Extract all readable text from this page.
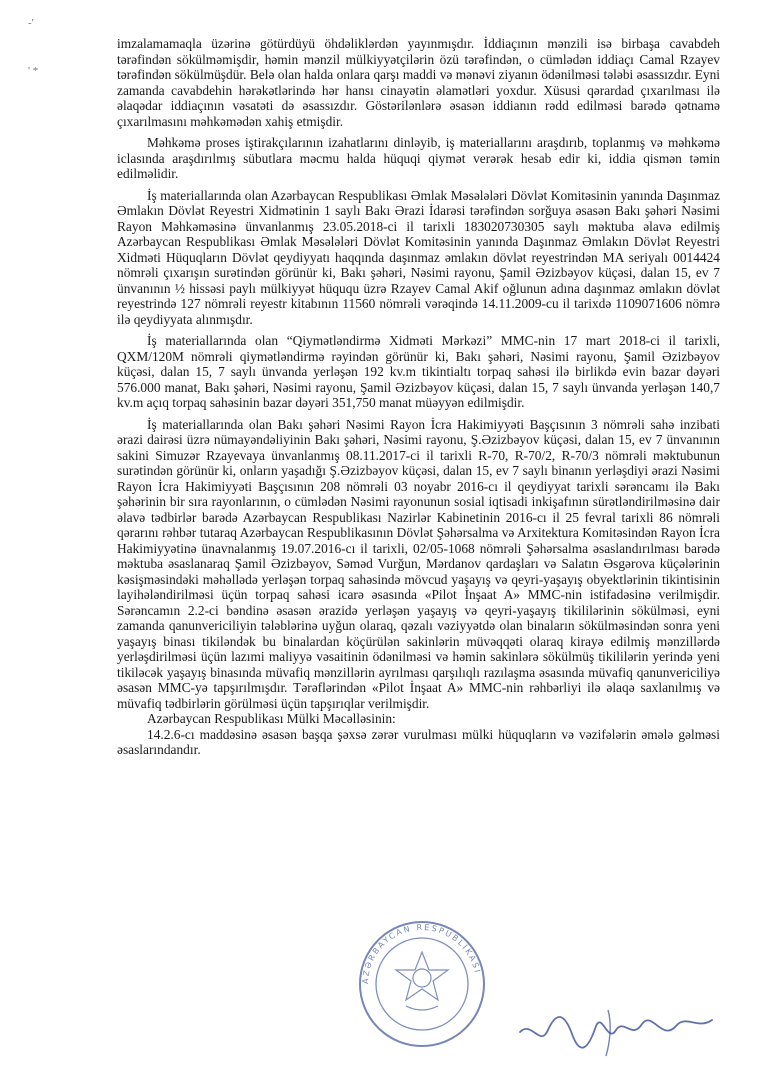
-'
' *

imzalamamaqla üzərinə götürdüyü öhdəliklərdən yayınmışdır. İddiaçının mənzili isə birbaşa cavabdeh tərəfindən sökülməmişdir, həmin mənzil mülkiyyətçilərin özü tərəfindən, o cümlədən iddiaçı Camal Rzayev tərəfindən sökülmüşdür. Belə olan halda onlara qarşı maddi və mənəvi ziyanın ödənilməsi tələbi əsassızdır. Eyni zamanda cavabdehin hərəkətlərində hər hansı cinayətin əlamətləri yoxdur. Xüsusi qərardad çıxarılması ilə əlaqədar iddiaçının vəsatəti də əsassızdır. Göstərilənlərə əsasən iddianın rədd edilməsi barədə qətnamə çıxarılmasını məhkəmədən xahiş etmişdir.

Məhkəmə proses iştirakçılarının izahatlarını dinləyib, iş materiallarını araşdırıb, toplanmış və məhkəmə iclasında araşdırılmış sübutlara məcmu halda hüquqi qiymət verərək hesab edir ki, iddia qismən təmin edilməlidir.

İş materiallarında olan Azərbaycan Respublikası Əmlak Məsələləri Dövlət Komitəsinin yanında Daşınmaz Əmlakın Dövlət Reyestri Xidmətinin 1 saylı Bakı Ərazi İdarəsi tərəfindən sorğuya əsasən Bakı şəhəri Nəsimi Rayon Məhkəməsinə ünvanlanmış 23.05.2018-ci il tarixli 183020730305 saylı məktuba əlavə edilmiş Azərbaycan Respublikası Əmlak Məsələləri Dövlət Komitəsinin yanında Daşınmaz Əmlakın Dövlət Reyestri Xidməti Hüquqların Dövlət qeydiyyatı haqqında daşınmaz əmlakın dövlət reyestrindən MA seriyalı 0014424 nömrəli çıxarışın surətindən görünür ki, Bakı şəhəri, Nəsimi rayonu, Şamil Əzizbəyov küçəsi, dalan 15, ev 7 ünvanının ½ hissəsi paylı mülkiyyət hüququ üzrə Rzayev Camal Akif oğlunun adına daşınmaz əmlakın dövlət reyestrində 127 nömrəli reyestr kitabının 11560 nömrəli vərəqində 14.11.2009-cu il tarixdə 1109071606 nömrə ilə qeydiyyata alınmışdır.

İş materiallarında olan “Qiymətləndirmə Xidməti Mərkəzi” MMC-nin 17 mart 2018-ci il tarixli, QXM/120M nömrəli qiymətləndirmə rəyindən görünür ki, Bakı şəhəri, Nəsimi rayonu, Şamil Əzizbəyov küçəsi, dalan 15, 7 saylı ünvanda yerləşən 192 kv.m tikintialtı torpaq sahəsi ilə birlikdə evin bazar dəyəri 576.000 manat, Bakı şəhəri, Nəsimi rayonu, Şamil Əzizbəyov küçəsi, dalan 15, 7 saylı ünvanda yerləşən 140,7 kv.m açıq torpaq sahəsinin bazar dəyəri 351,750 manat müəyyən edilmişdir.

İş materiallarında olan Bakı şəhəri Nəsimi Rayon İcra Hakimiyyəti Başçısının 3 nömrəli sahə inzibati ərazi dairəsi üzrə nümayəndəliyinin Bakı şəhəri, Nəsimi rayonu, Ş.Əzizbəyov küçəsi, dalan 15, ev 7 ünvanının sakini Simuzər Rzayevaya ünvanlanmış 08.11.2017-ci il tarixli R-70, R-70/2, R-70/3 nömrəli məktubunun surətindən görünür ki, onların yaşadığı Ş.Əzizbəyov küçəsi, dalan 15, ev 7 saylı binanın yerləşdiyi ərazi Nəsimi Rayon İcra Hakimiyyəti Başçısının 208 nömrəli 03 noyabr 2016-cı il qeydiyyat tarixli sərəncamı ilə Bakı şəhərinin bir sıra rayonlarının, o cümlədən Nəsimi rayonunun sosial iqtisadi inkişafının sürətləndirilməsinə dair əlavə tədbirlər barədə Azərbaycan Respublikası Nazirlər Kabinetinin 2016-cı il 25 fevral tarixli 86 nömrəli qərarını rəhbər tutaraq Azərbaycan Respublikasının Dövlət Şəhərsalma və Arxitektura Komitəsindən Rayon İcra Hakimiyyətinə ünavnalanmış 19.07.2016-cı il tarixli, 02/05-1068 nömrəli Şəhərsalma əsaslandırılması barədə məktuba əsaslanaraq Şamil Əzizbəyov, Səməd Vurğun, Mərdanov qardaşları və Salatın Əsgərova küçələrinin kəsişməsindəki məhəllədə yerləşən torpaq sahəsində mövcud yaşayış və qeyri-yaşayış obyektlərinin tikintisinin layihələndirilməsi üçün torpaq sahəsi icarə əsasında «Pilot İnşaat A» MMC-nin istifadəsinə verilmişdir. Sərəncamın 2.2-ci bəndinə əsasən ərazidə yerləşən yaşayış və qeyri-yaşayış tikililərinin sökülməsi, eyni zamanda qanunvericiliyin tələblərinə uyğun olaraq, qəzalı vəziyyətdə olan binaların sökülməsindən sonra yeni yaşayış binası tikiləndək bu binalardan köçürülən sakinlərin müvəqqəti olaraq kirayə edilmiş mənzillərdə yerləşdirilməsi üçün lazımi maliyyə vəsaitinin ödənilməsi və həmin sakinlərə sökülmüş tikililərin yerində yeni tikiləcək yaşayış binasında müvafiq mənzillərin ayrılması qarşılıqlı razılaşma əsasında müvafiq qanunvericiliyə əsasən MMC-yə tapşırılmışdır. Tərəflərindən «Pilot İnşaat A» MMC-nin rəhbərliyi ilə əlaqə saxlanılmış və müvafiq tədbirlərin görülməsi üçün tapşırıqlar verilmişdir.

Azərbaycan Respublikası Mülki Məcəlləsinin:

14.2.6-cı maddəsinə əsasən başqa şəxsə zərər vurulması mülki hüquqların və vəzifələrin əmələ gəlməsi əsaslarındandır.

AZƏRBAYCAN RESPUBLİKASI
